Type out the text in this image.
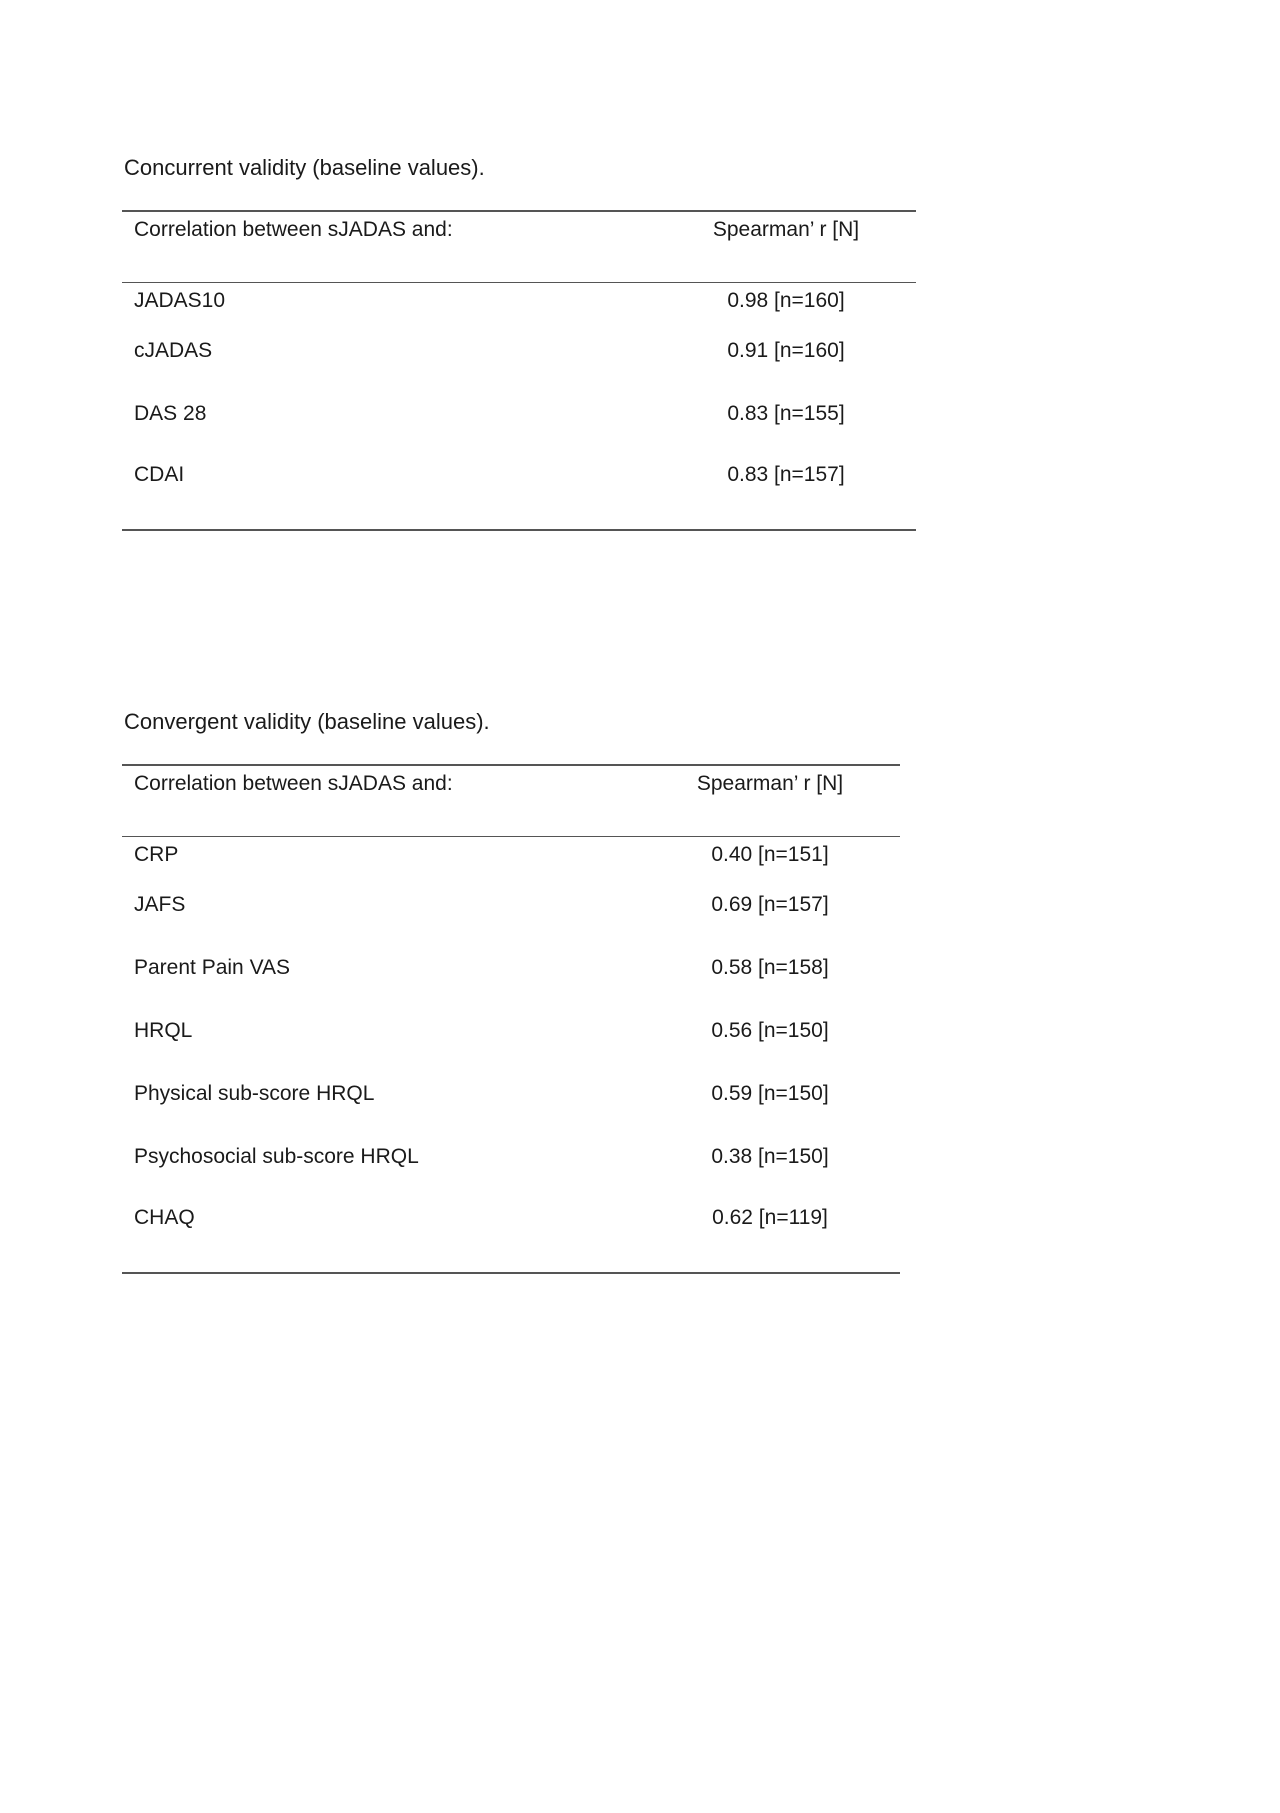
Concurrent validity (baseline values).
Correlation between sJADAS and:	Spearman’ r [N]
JADAS10	0.98 [n=160]
cJADAS	0.91 [n=160]
DAS 28	0.83 [n=155]
CDAI	0.83 [n=157]
Convergent validity (baseline values).
Correlation between sJADAS and:	Spearman’ r [N]
CRP	0.40 [n=151]
JAFS	0.69 [n=157]
Parent Pain VAS	0.58 [n=158]
HRQL	0.56 [n=150]
Physical sub-score HRQL	0.59 [n=150]
Psychosocial sub-score HRQL	0.38 [n=150]
CHAQ	0.62 [n=119]
